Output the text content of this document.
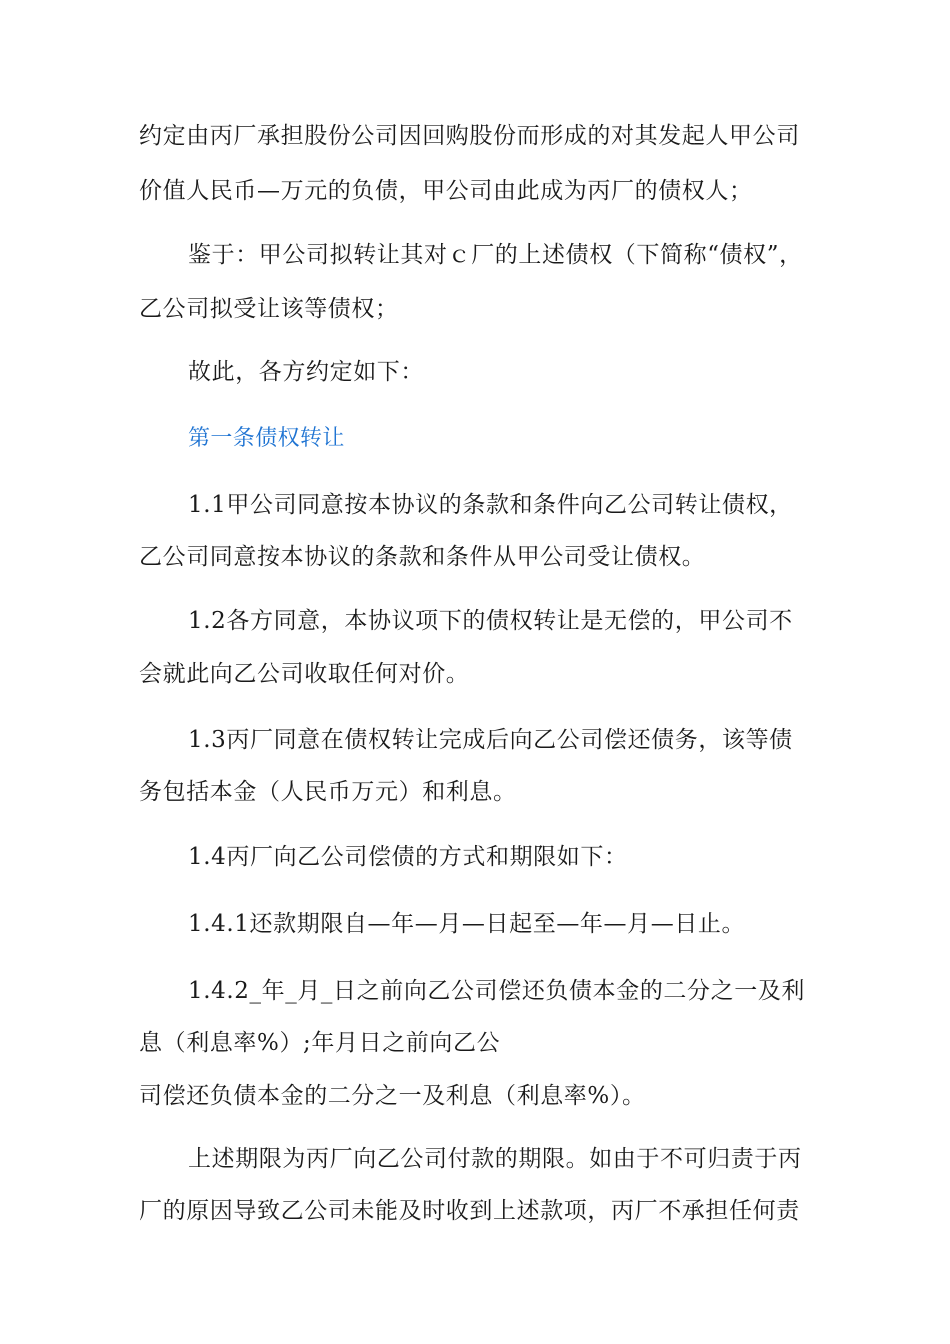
约定由丙厂承担股份公司因回购股份而形成的对其发起人甲公司
价值人民币—万元的负债，甲公司由此成为丙厂的债权人；
鉴于：甲公司拟转让其对ｃ厂的上述债权（下简称“债权”，
乙公司拟受让该等债权；
故此，各方约定如下：
第一条债权转让
1.1甲公司同意按本协议的条款和条件向乙公司转让债权，
乙公司同意按本协议的条款和条件从甲公司受让债权。
1.2各方同意，本协议项下的债权转让是无偿的，甲公司不
会就此向乙公司收取任何对价。
1.3丙厂同意在债权转让完成后向乙公司偿还债务，该等债
务包括本金（人民币万元）和利息。
1.4丙厂向乙公司偿债的方式和期限如下：
1.4.1还款期限自—年—月—日起至—年—月—日止。
1.4.2_年_月_日之前向乙公司偿还负债本金的二分之一及利
息（利息率%）;年月日之前向乙公
司偿还负债本金的二分之一及利息（利息率%）。
上述期限为丙厂向乙公司付款的期限。如由于不可归责于丙
厂的原因导致乙公司未能及时收到上述款项，丙厂不承担任何责
